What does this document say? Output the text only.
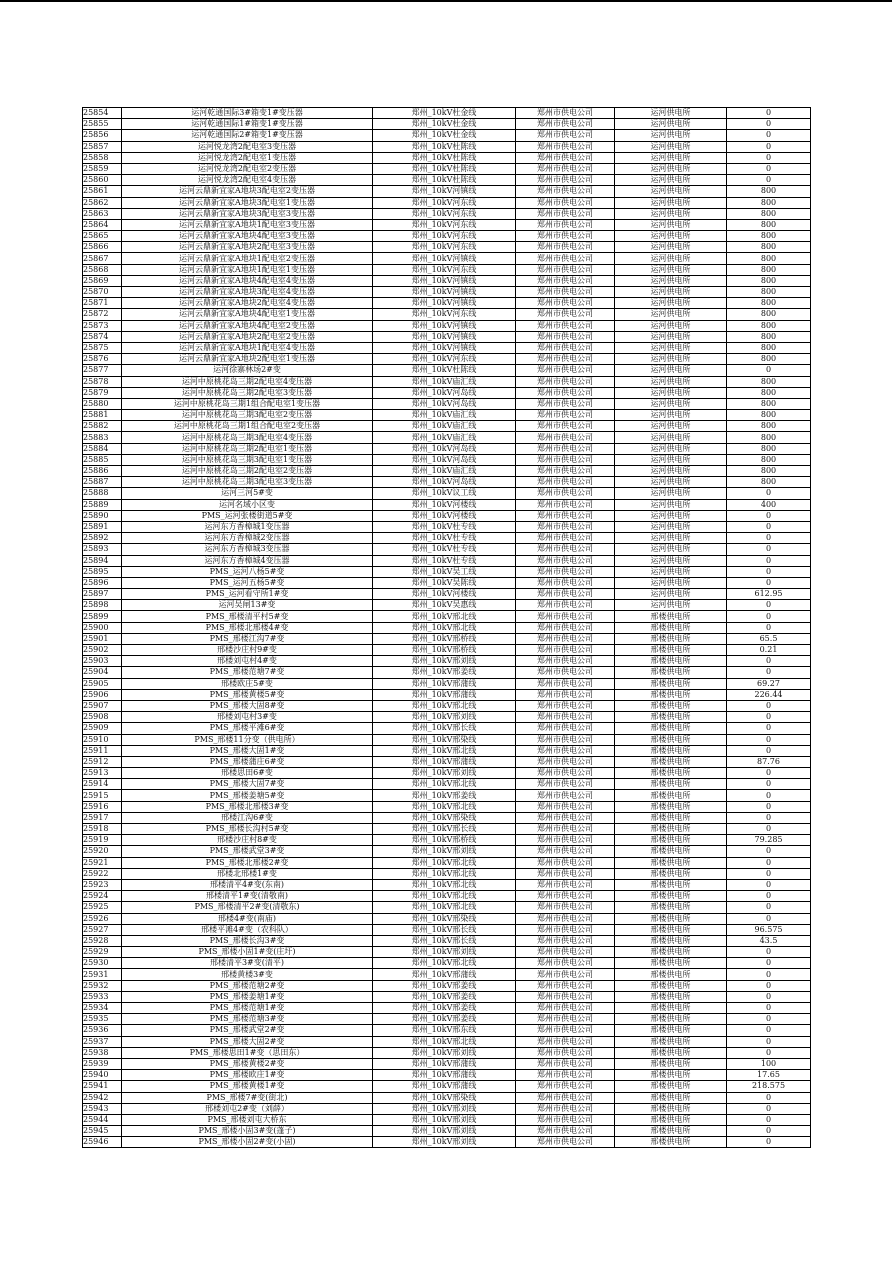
25854	运河乾通国际3#箱变1#变压器	郑州_10kV杜金线	郑州市供电公司	运河供电所	0
25855	运河乾通国际1#箱变1#变压器	郑州_10kV杜金线	郑州市供电公司	运河供电所	0
25856	运河乾通国际2#箱变1#变压器	郑州_10kV杜金线	郑州市供电公司	运河供电所	0
25857	运河悦龙湾2配电室3变压器	郑州_10kV杜陈线	郑州市供电公司	运河供电所	0
25858	运河悦龙湾2配电室1变压器	郑州_10kV杜陈线	郑州市供电公司	运河供电所	0
25859	运河悦龙湾2配电室2变压器	郑州_10kV杜陈线	郑州市供电公司	运河供电所	0
25860	运河悦龙湾2配电室4变压器	郑州_10kV杜陈线	郑州市供电公司	运河供电所	0
25861	运河云鼎新宜家A地块3配电室2变压器	郑州_10kV河镇线	郑州市供电公司	运河供电所	800
25862	运河云鼎新宜家A地块3配电室1变压器	郑州_10kV河东线	郑州市供电公司	运河供电所	800
25863	运河云鼎新宜家A地块3配电室3变压器	郑州_10kV河东线	郑州市供电公司	运河供电所	800
25864	运河云鼎新宜家A地块1配电室3变压器	郑州_10kV河东线	郑州市供电公司	运河供电所	800
25865	运河云鼎新宜家A地块4配电室3变压器	郑州_10kV河东线	郑州市供电公司	运河供电所	800
25866	运河云鼎新宜家A地块2配电室3变压器	郑州_10kV河东线	郑州市供电公司	运河供电所	800
25867	运河云鼎新宜家A地块1配电室2变压器	郑州_10kV河镇线	郑州市供电公司	运河供电所	800
25868	运河云鼎新宜家A地块1配电室1变压器	郑州_10kV河东线	郑州市供电公司	运河供电所	800
25869	运河云鼎新宜家A地块4配电室4变压器	郑州_10kV河镇线	郑州市供电公司	运河供电所	800
25870	运河云鼎新宜家A地块3配电室4变压器	郑州_10kV河镇线	郑州市供电公司	运河供电所	800
25871	运河云鼎新宜家A地块2配电室4变压器	郑州_10kV河镇线	郑州市供电公司	运河供电所	800
25872	运河云鼎新宜家A地块4配电室1变压器	郑州_10kV河东线	郑州市供电公司	运河供电所	800
25873	运河云鼎新宜家A地块4配电室2变压器	郑州_10kV河镇线	郑州市供电公司	运河供电所	800
25874	运河云鼎新宜家A地块2配电室2变压器	郑州_10kV河镇线	郑州市供电公司	运河供电所	800
25875	运河云鼎新宜家A地块1配电室4变压器	郑州_10kV河镇线	郑州市供电公司	运河供电所	800
25876	运河云鼎新宜家A地块2配电室1变压器	郑州_10kV河东线	郑州市供电公司	运河供电所	800
25877	运河徐寨林场2#变	郑州_10kV杜陈线	郑州市供电公司	运河供电所	0
25878	运河中原桃花岛三期2配电室4变压器	郑州_10kV庙汇线	郑州市供电公司	运河供电所	800
25879	运河中原桃花岛三期2配电室3变压器	郑州_10kV河岛线	郑州市供电公司	运河供电所	800
25880	运河中原桃花岛三期1组合配电室1变压器	郑州_10kV河岛线	郑州市供电公司	运河供电所	800
25881	运河中原桃花岛三期3配电室2变压器	郑州_10kV庙汇线	郑州市供电公司	运河供电所	800
25882	运河中原桃花岛三期1组合配电室2变压器	郑州_10kV庙汇线	郑州市供电公司	运河供电所	800
25883	运河中原桃花岛三期3配电室4变压器	郑州_10kV庙汇线	郑州市供电公司	运河供电所	800
25884	运河中原桃花岛三期2配电室1变压器	郑州_10kV河岛线	郑州市供电公司	运河供电所	800
25885	运河中原桃花岛三期3配电室1变压器	郑州_10kV河岛线	郑州市供电公司	运河供电所	800
25886	运河中原桃花岛三期2配电室2变压器	郑州_10kV庙汇线	郑州市供电公司	运河供电所	800
25887	运河中原桃花岛三期3配电室3变压器	郑州_10kV河岛线	郑州市供电公司	运河供电所	800
25888	运河三河5#变	郑州_10kV议工线	郑州市供电公司	运河供电所	0
25889	运河名域小区变	郑州_10kV河楼线	郑州市供电公司	运河供电所	400
25890	PMS_运河张楼街道5#变	郑州_10kV河楼线	郑州市供电公司	运河供电所	0
25891	运河东方香樟城1变压器	郑州_10kV杜专线	郑州市供电公司	运河供电所	0
25892	运河东方香樟城2变压器	郑州_10kV杜专线	郑州市供电公司	运河供电所	0
25893	运河东方香樟城3变压器	郑州_10kV杜专线	郑州市供电公司	运河供电所	0
25894	运河东方香樟城4变压器	郑州_10kV杜专线	郑州市供电公司	运河供电所	0
25895	PMS_运河八杨5#变	郑州_10kV吴工线	郑州市供电公司	运河供电所	0
25896	PMS_运河五杨5#变	郑州_10kV吴陈线	郑州市供电公司	运河供电所	0
25897	PMS_运河看守所1#变	郑州_10kV河楼线	郑州市供电公司	运河供电所	612.95
25898	运河吴闸13#变	郑州_10kV吴惠线	郑州市供电公司	运河供电所	0
25899	PMS_邢楼清平村5#变	郑州_10kV邢北线	郑州市供电公司	邢楼供电所	0
25900	PMS_邢楼北邢楼4#变	郑州_10kV邢北线	郑州市供电公司	邢楼供电所	0
25901	PMS_邢楼江沟7#变	郑州_10kV邢桥线	郑州市供电公司	邢楼供电所	65.5
25902	邢楼沙庄村9#变	郑州_10kV邢桥线	郑州市供电公司	邢楼供电所	0.21
25903	邢楼刘屯村4#变	郑州_10kV邢刘线	郑州市供电公司	邢楼供电所	0
25904	PMS_邢楼范塘7#变	郑州_10kV邢姜线	郑州市供电公司	邢楼供电所	0
25905	邢楼欧庄5#变	郑州_10kV邢蒲线	郑州市供电公司	邢楼供电所	69.27
25906	PMS_邢楼黄楼5#变	郑州_10kV邢蒲线	郑州市供电公司	邢楼供电所	226.44
25907	PMS_邢楼大固8#变	郑州_10kV邢北线	郑州市供电公司	邢楼供电所	0
25908	邢楼刘屯村3#变	郑州_10kV邢刘线	郑州市供电公司	邢楼供电所	0
25909	PMS_邢楼平滩6#变	郑州_10kV邢长线	郑州市供电公司	邢楼供电所	0
25910	PMS_邢楼11分变（供电所）	郑州_10kV邢染线	郑州市供电公司	邢楼供电所	0
25911	PMS_邢楼大固1#变	郑州_10kV邢北线	郑州市供电公司	邢楼供电所	0
25912	PMS_邢楼蒲庄6#变	郑州_10kV邢蒲线	郑州市供电公司	邢楼供电所	87.76
25913	邢楼思田6#变	郑州_10kV邢刘线	郑州市供电公司	邢楼供电所	0
25914	PMS_邢楼大固7#变	郑州_10kV邢北线	郑州市供电公司	邢楼供电所	0
25915	PMS_邢楼姜塘5#变	郑州_10kV邢姜线	郑州市供电公司	邢楼供电所	0
25916	PMS_邢楼北邢楼3#变	郑州_10kV邢北线	郑州市供电公司	邢楼供电所	0
25917	邢楼江沟6#变	郑州_10kV邢染线	郑州市供电公司	邢楼供电所	0
25918	PMS_邢楼长沟村5#变	郑州_10kV邢长线	郑州市供电公司	邢楼供电所	0
25919	邢楼沙庄村8#变	郑州_10kV邢桥线	郑州市供电公司	邢楼供电所	79.285
25920	PMS_邢楼武堂3#变	郑州_10kV邢刘线	郑州市供电公司	邢楼供电所	0
25921	PMS_邢楼北邢楼2#变	郑州_10kV邢北线	郑州市供电公司	邢楼供电所	0
25922	邢楼北邢楼1#变	郑州_10kV邢北线	郑州市供电公司	邢楼供电所	0
25923	邢楼清平4#变(东南)	郑州_10kV邢北线	郑州市供电公司	邢楼供电所	0
25924	邢楼清平1#变(清敬南)	郑州_10kV邢北线	郑州市供电公司	邢楼供电所	0
25925	PMS_邢楼清平2#变(清敬东)	郑州_10kV邢北线	郑州市供电公司	邢楼供电所	0
25926	邢楼4#变(南庙)	郑州_10kV邢染线	郑州市供电公司	邢楼供电所	0
25927	邢楼平滩4#变（农科队）	郑州_10kV邢长线	郑州市供电公司	邢楼供电所	96.575
25928	PMS_邢楼长沟3#变	郑州_10kV邢长线	郑州市供电公司	邢楼供电所	43.5
25929	PMS_邢楼小固1#变(庄圩)	郑州_10kV邢刘线	郑州市供电公司	邢楼供电所	0
25930	邢楼清平3#变(清平)	郑州_10kV邢北线	郑州市供电公司	邢楼供电所	0
25931	邢楼黄楼3#变	郑州_10kV邢蒲线	郑州市供电公司	邢楼供电所	0
25932	PMS_邢楼范塘2#变	郑州_10kV邢姜线	郑州市供电公司	邢楼供电所	0
25933	PMS_邢楼姜塘1#变	郑州_10kV邢姜线	郑州市供电公司	邢楼供电所	0
25934	PMS_邢楼范塘1#变	郑州_10kV邢姜线	郑州市供电公司	邢楼供电所	0
25935	PMS_邢楼范塘3#变	郑州_10kV邢姜线	郑州市供电公司	邢楼供电所	0
25936	PMS_邢楼武堂2#变	郑州_10kV邢东线	郑州市供电公司	邢楼供电所	0
25937	PMS_邢楼大固2#变	郑州_10kV邢北线	郑州市供电公司	邢楼供电所	0
25938	PMS_邢楼思田1#变（思田东）	郑州_10kV邢刘线	郑州市供电公司	邢楼供电所	0
25939	PMS_邢楼黄楼2#变	郑州_10kV邢蒲线	郑州市供电公司	邢楼供电所	100
25940	PMS_邢楼欧庄1#变	郑州_10kV邢蒲线	郑州市供电公司	邢楼供电所	17.65
25941	PMS_邢楼黄楼1#变	郑州_10kV邢蒲线	郑州市供电公司	邢楼供电所	218.575
25942	PMS_邢楼7#变(街北)	郑州_10kV邢染线	郑州市供电公司	邢楼供电所	0
25943	邢楼刘屯2#变（刘薛）	郑州_10kV邢刘线	郑州市供电公司	邢楼供电所	0
25944	PMS_邢楼刘屯大桥东	郑州_10kV邢刘线	郑州市供电公司	邢楼供电所	0
25945	PMS_邢楼小固3#变(蓬子)	郑州_10kV邢刘线	郑州市供电公司	邢楼供电所	0
25946	PMS_邢楼小固2#变(小固)	郑州_10kV邢刘线	郑州市供电公司	邢楼供电所	0
